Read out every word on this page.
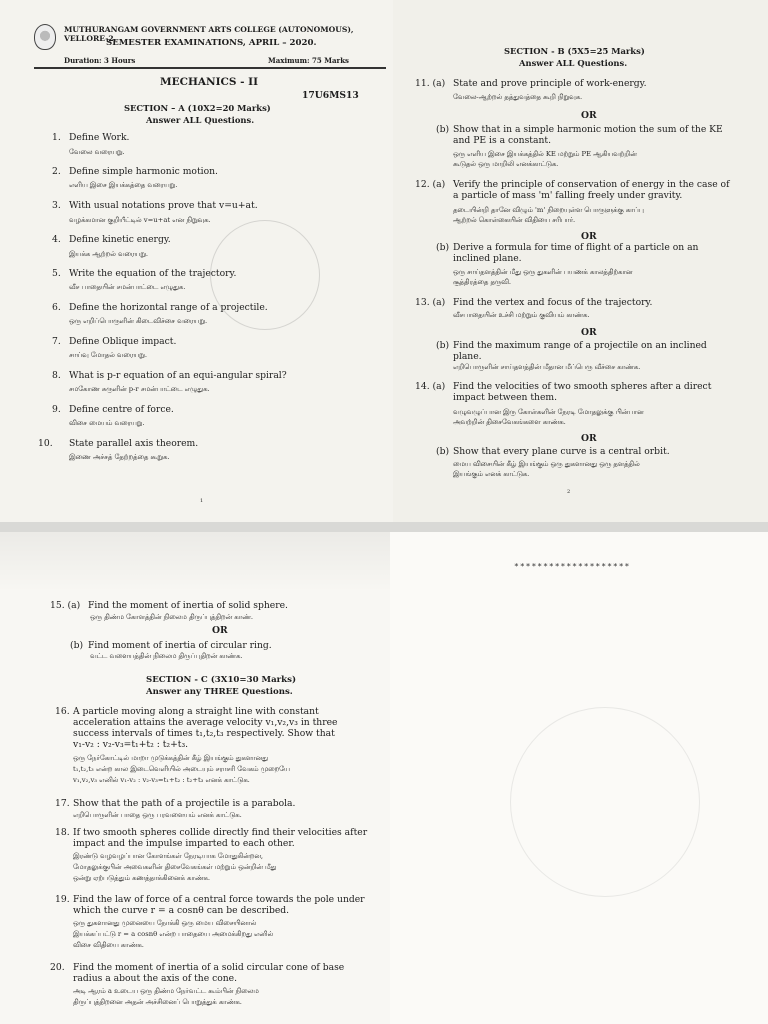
MUTHURANGAM GOVERNMENT ARTS COLLEGE (AUTONOMOUS), VELLORE-2.
SEMESTER EXAMINATIONS, APRIL – 2020.
Duration: 3 Hours	Maximum: 75 Marks
MECHANICS - II
17U6MS13
SECTION – A (10X2=20 Marks)
Answer ALL Questions.
1. Define Work.
வேலை வரையறு.
2. Define simple harmonic motion.
எளிய இசை இயக்கத்தை வரையறு.
3. With usual notations prove that v=u+at.
வழக்கமான குறியீட்டில் v=u+at என நிறுவுக.
4. Define kinetic energy.
இயக்க ஆற்றல் வரையறு.
5. Write the equation of the trajectory.
வீச பாதையின் சமன்பாட்டை எழுதுக.
6. Define the horizontal range of a projectile.
ஒரு எறிப்பொருளின் கிடைவிச்சை வரையறு.
7. Define Oblique impact.
சாய்வு மோதல் வரையறு.
8. What is p-r equation of an equi-angular spiral?
சமகோண சுருளின் p-r சமன்பாட்டை எழுதுக.
9. Define centre of force.
விசை மையம் வரையறு.
10. State parallel axis theorem.
இணை அச்சத் தேற்றத்தை கூறுக.
1
SECTION - B (5X5=25 Marks)
Answer ALL Questions.
11. (a) State and prove principle of work-energy.
வேலை-ஆற்றல் தத்துவத்தை கூறி நிறுவுக.
OR
(b) Show that in a simple harmonic motion the sum of the KE
and PE is a constant.
ஒரு எளிய இசை இயக்கத்தில் KE மற்றும் PE ஆகியவற்றின்
கூடுதல் ஒரு மாறிலி எனக்காட்டுக.
12. (a) Verify the principle of conservation of energy in the case of
a particle of mass 'm' falling freely under gravity.
தடையின்றி தானே விழும் 'm' நிறையுள்ள பொருளுக்கு காப்பு
ஆற்றல் கொள்கையின் விதியை சரிபார்.
OR
(b) Derive a formula for time of flight of a particle on an
inclined plane.
ஒரு சாய்தளத்தின் மீது ஒரு துகளின் பயணக் காலத்திற்கான
சூத்திரத்தை தருவி.
13. (a) Find the vertex and focus of the trajectory.
வீசபாதையின் உச்சி மற்றும் குவியம் காண்க.
OR
(b) Find the maximum range of a projectile on an inclined
plane.
எறிபொருளின் சாய்தளத்தின் மீதான மீப்பெரு வீச்சை காண்க.
14. (a) Find the velocities of two smooth spheres after a direct
impact between them.
வழுவழுப்பான இரு கோள்களின் நேரடி மோதலுக்கு பின்பான
அவற்றின் திசைவேகங்களை காண்க.
OR
(b) Show that every plane curve is a central orbit.
மைய விசையின் கீழ் இயங்கும் ஒரு துகளானது ஒரு தளத்தில்
இயங்கும் எனக் காட்டுக.
2
15. (a) Find the moment of inertia of solid sphere.
ஒரு திண்ம கோளத்தின் நிலைம திருப்புத்திறன் காண்.
OR
(b) Find moment of inertia of circular ring.
வட்ட வளையத்தின் நிலைம திருப்புதிறன் காண்க.
SECTION - C (3X10=30 Marks)
Answer any THREE Questions.
16. A particle moving along a straight line with constant
acceleration attains the average velocity v₁,v₂,v₃ in three
success intervals of times t₁,t₂,t₃ respectively. Show that
v₁-v₂ : v₂-v₃=t₁+t₂ : t₂+t₃.
ஒரு நேர்கோட்டில் மாறா முடுக்கத்தின் கீழ் இயங்கும் துகளானது
t₁,t₂,t₃ என்ற கால இடைவெளியில் அடையும் சராசரி வேகம் முறையே
v₁,v₂,v₃ எனில் v₁-v₂ : v₂-v₃=t₁+t₂ : t₂+t₃ எனக் காட்டுக.
17. Show that the path of a projectile is a parabola.
எறிபொருளின் பாதை ஒரு பரவளையம் எனக் காட்டுக.
18. If two smooth spheres collide directly find their velocities after
impact and the impulse imparted to each other.
இரண்டு வழவழப்பான கோளங்கள் நேரடியாக மோதுகின்றன,
மோதலுக்குபின் அவைகளின் திசைவேகங்கள் மற்றும் ஒன்றின் மீது
ஒன்று ஏற்படுத்தும் கணத்தாக்கினைக் காண்க.
19. Find the law of force of a central force towards the pole under
which the curve r = a cosnθ can be described.
ஒரு துகளானது முனையை நோக்கி ஒரு மைய விசையினால்
இயக்கப்பட்டு r = a cosnθ என்ற பாதையை அமைக்கிறது எனில்
விசை விதியை காண்க.
20. Find the moment of inertia of a solid circular cone of base
radius a about the axis of the cone.
அடி ஆரம் a உடைய ஒரு திண்ம நேர்வட்ட கூம்பின் நிலைம
திருப்புத்திறனை அதன் அச்சினைப் பொறுத்துக் காண்க.
********************
